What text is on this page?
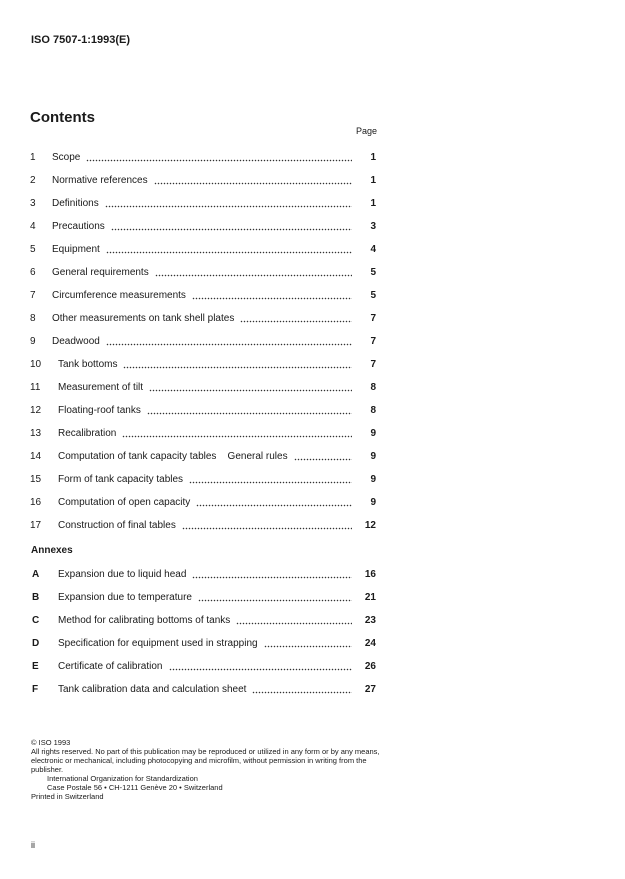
ISO 7507-1:1993(E)
Contents
Page
1	Scope	1
2	Normative references	1
3	Definitions	1
4	Precautions	3
5	Equipment	4
6	General requirements	5
7	Circumference measurements	5
8	Other measurements on tank shell plates	7
9	Deadwood	7
10	Tank bottoms	7
11	Measurement of tilt	8
12	Floating-roof tanks	8
13	Recalibration	9
14	Computation of tank capacity tables    General rules	9
15	Form of tank capacity tables	9
16	Computation of open capacity	9
17	Construction of final tables	12
Annexes
A	Expansion due to liquid head	16
B	Expansion due to temperature	21
C	Method for calibrating bottoms of tanks	23
D	Specification for equipment used in strapping	24
E	Certificate of calibration	26
F	Tank calibration data and calculation sheet	27

© ISO 1993

All rights reserved. No part of this publication may be reproduced or utilized in any form or by any means, electronic or mechanical, including photocopying and microfilm, without permission in writing from the publisher.

International Organization for Standardization

Case Postale 56 • CH-1211 Genève 20 • Switzerland

Printed in Switzerland

ii
